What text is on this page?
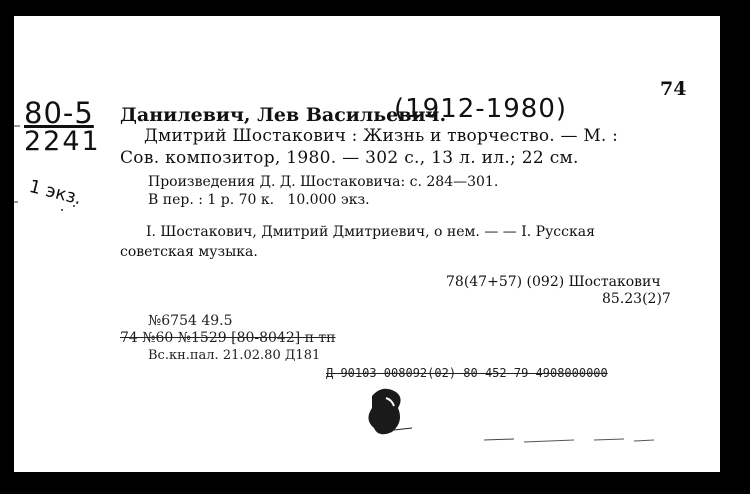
74
80-5
2241
1 экз.
Данилевич, Лев Васильевич.
(1912-1980)
Дмитрий Шостакович : Жизнь и творчество. — М. :
Сов. композитор, 1980. — 302 с., 13 л. ил.; 22 см.
Произведения Д. Д. Шостаковича: с. 284—301.
В пер. : 1 р. 70 к.   10.000 экз.
I. Шостакович, Дмитрий Дмитриевич, о нем. — — I. Русская
советская музыка.
78(47+57) (092) Шостакович
85.23(2)7
№6754 49.5
74 №60 №1529 [80-8042] п тп
Вс.кн.пал. 21.02.80 Д181
Д 90103-008092(02)-80 452-79 4908000000
